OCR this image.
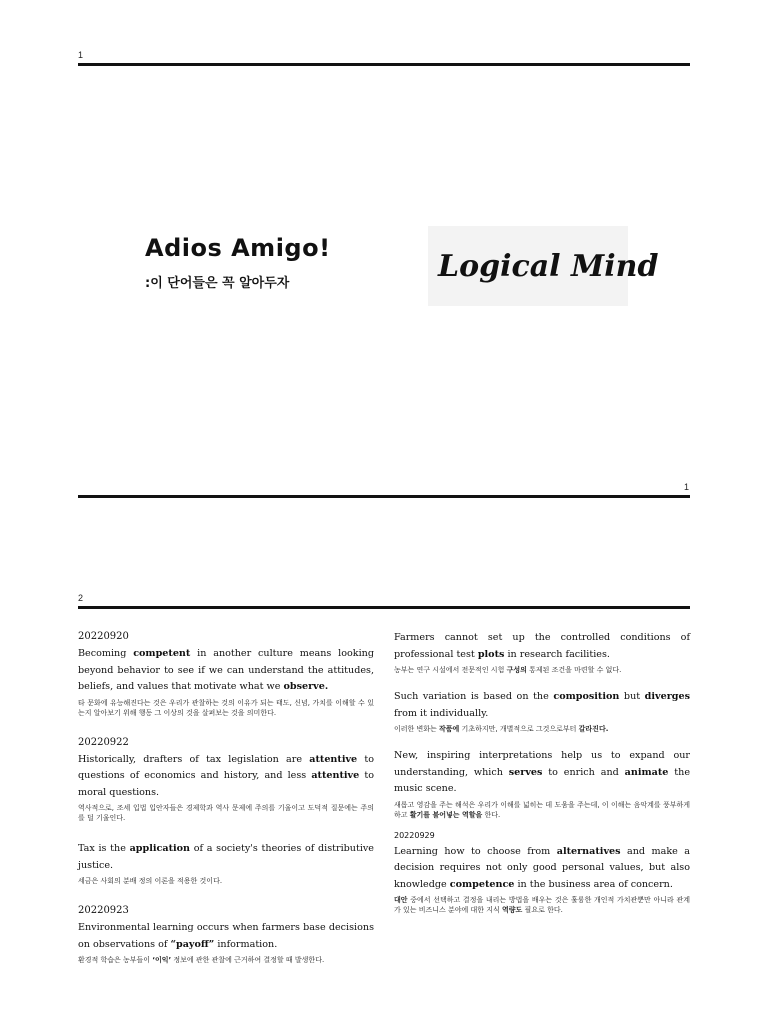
1
Adios Amigo!
:이 단어들은 꼭 알아두자	Logical Mind
1
2

20220920

Becoming competent in another culture means looking beyond behavior to see if we can understand the attitudes, beliefs, and values that motivate what we observe.

타 문화에 유능해진다는 것은 우리가 관찰하는 것의 이유가 되는 태도, 신념, 가치를 이해할 수 있는지 알아보기 위해 행동 그 이상의 것을 살펴보는 것을 의미한다.

20220922

Historically, drafters of tax legislation are attentive to questions of economics and history, and less attentive to moral questions.

역사적으로, 조세 입법 입안자들은 경제학과 역사 문제에 주의를 기울이고 도덕적 질문에는 주의를 덜 기울인다.

Tax is the application of a society's theories of distributive justice.

세금은 사회의 분배 정의 이론을 적용한 것이다.

20220923

Environmental learning occurs when farmers base decisions on observations of “payoff” information.

환경적 학습은 농부들이 ‘이익’ 정보에 관한 관찰에 근거하여 결정할 때 발생한다.

Farmers cannot set up the controlled conditions of professional test plots in research facilities.

농부는 연구 시설에서 전문적인 시험 구성의 통제된 조건을 마련할 수 없다.

Such variation is based on the composition but diverges from it individually.

이러한 변화는 작품에 기초하지만, 개별적으로 그것으로부터 갈라진다.

New, inspiring interpretations help us to expand our understanding, which serves to enrich and animate the music scene.

새롭고 영감을 주는 해석은 우리가 이해를 넓히는 데 도움을 주는데, 이 이해는 음악계를 풍부하게 하고 활기를 불어넣는 역할을 한다.

20220929

Learning how to choose from alternatives and make a decision requires not only good personal values, but also knowledge competence in the business area of concern.

대안 중에서 선택하고 결정을 내리는 방법을 배우는 것은 훌륭한 개인적 가치관뿐만 아니라 관계가 있는 비즈니스 분야에 대한 지식 역량도 필요로 한다.
